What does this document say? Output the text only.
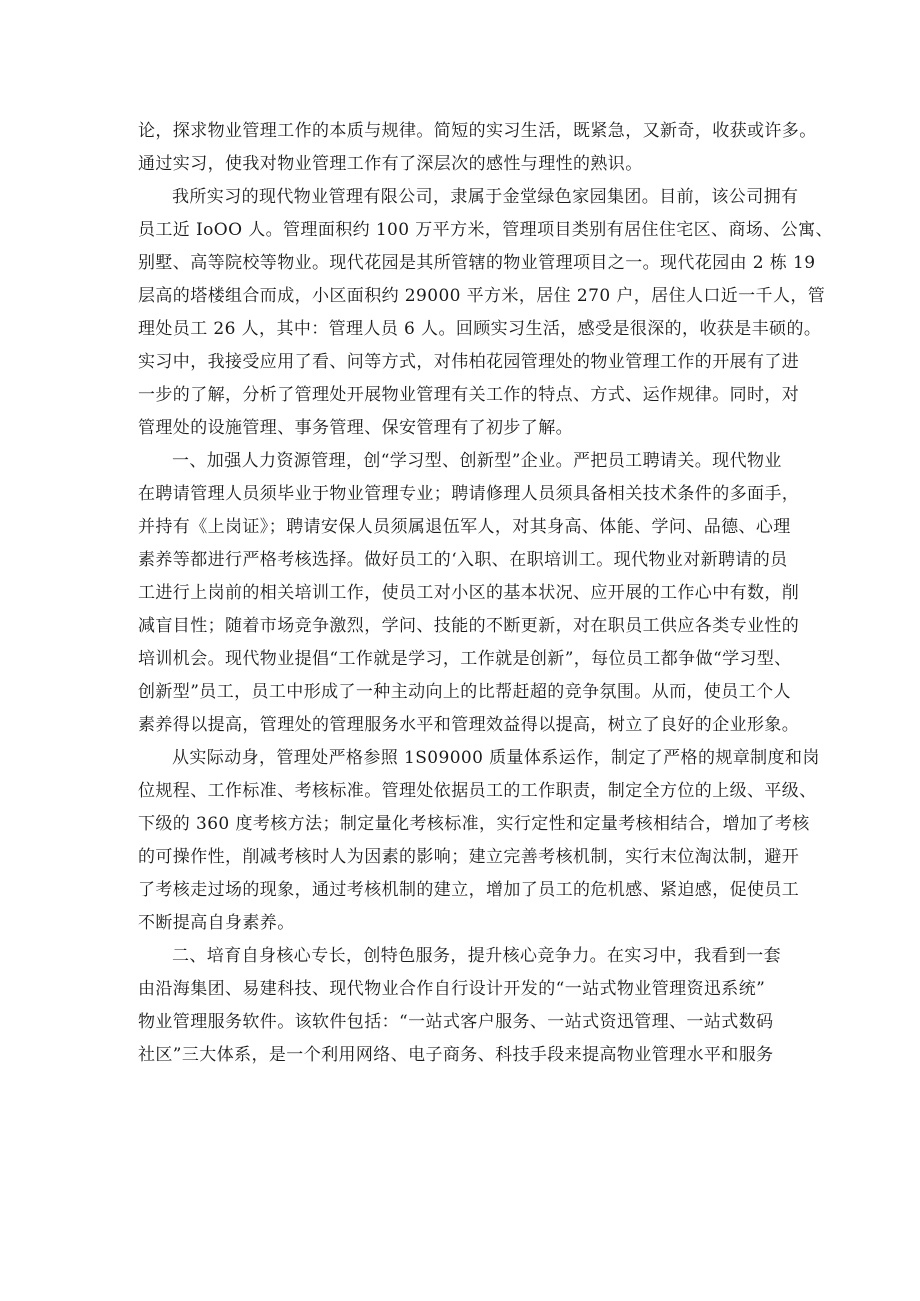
论，探求物业管理工作的本质与规律。简短的实习生活，既紧急，又新奇，收获或许多。
通过实习，使我对物业管理工作有了深层次的感性与理性的熟识。
我所实习的现代物业管理有限公司，隶属于金堂绿色家园集团。目前，该公司拥有
员工近 IoOO 人。管理面积约 100 万平方米，管理项目类别有居住住宅区、商场、公寓、
别墅、高等院校等物业。现代花园是其所管辖的物业管理项目之一。现代花园由 2 栋 19
层高的塔楼组合而成，小区面积约 29000 平方米，居住 270 户，居住人口近一千人，管
理处员工 26 人，其中：管理人员 6 人。回顾实习生活，感受是很深的，收获是丰硕的。
实习中，我接受应用了看、问等方式，对伟柏花园管理处的物业管理工作的开展有了进
一步的了解，分析了管理处开展物业管理有关工作的特点、方式、运作规律。同时，对
管理处的设施管理、事务管理、保安管理有了初步了解。
一、加强人力资源管理，创“学习型、创新型”企业。严把员工聘请关。现代物业
在聘请管理人员须毕业于物业管理专业；聘请修理人员须具备相关技术条件的多面手，
并持有《上岗证》；聘请安保人员须属退伍军人，对其身高、体能、学问、品德、心理
素养等都进行严格考核选择。做好员工的‘入职、在职培训工。现代物业对新聘请的员
工进行上岗前的相关培训工作，使员工对小区的基本状况、应开展的工作心中有数，削
减盲目性；随着市场竞争激烈，学问、技能的不断更新，对在职员工供应各类专业性的
培训机会。现代物业提倡“工作就是学习，工作就是创新”，每位员工都争做“学习型、
创新型”员工，员工中形成了一种主动向上的比帮赶超的竞争氛围。从而，使员工个人
素养得以提高，管理处的管理服务水平和管理效益得以提高，树立了良好的企业形象。
从实际动身，管理处严格参照 1S09000 质量体系运作，制定了严格的规章制度和岗
位规程、工作标准、考核标准。管理处依据员工的工作职责，制定全方位的上级、平级、
下级的 360 度考核方法；制定量化考核标准，实行定性和定量考核相结合，增加了考核
的可操作性，削减考核时人为因素的影响；建立完善考核机制，实行末位淘汰制，避开
了考核走过场的现象，通过考核机制的建立，增加了员工的危机感、紧迫感，促使员工
不断提高自身素养。
二、培育自身核心专长，创特色服务，提升核心竞争力。在实习中，我看到一套
由沿海集团、易建科技、现代物业合作自行设计开发的“一站式物业管理资迅系统”
物业管理服务软件。该软件包括：“一站式客户服务、一站式资迅管理、一站式数码
社区”三大体系，是一个利用网络、电子商务、科技手段来提高物业管理水平和服务
